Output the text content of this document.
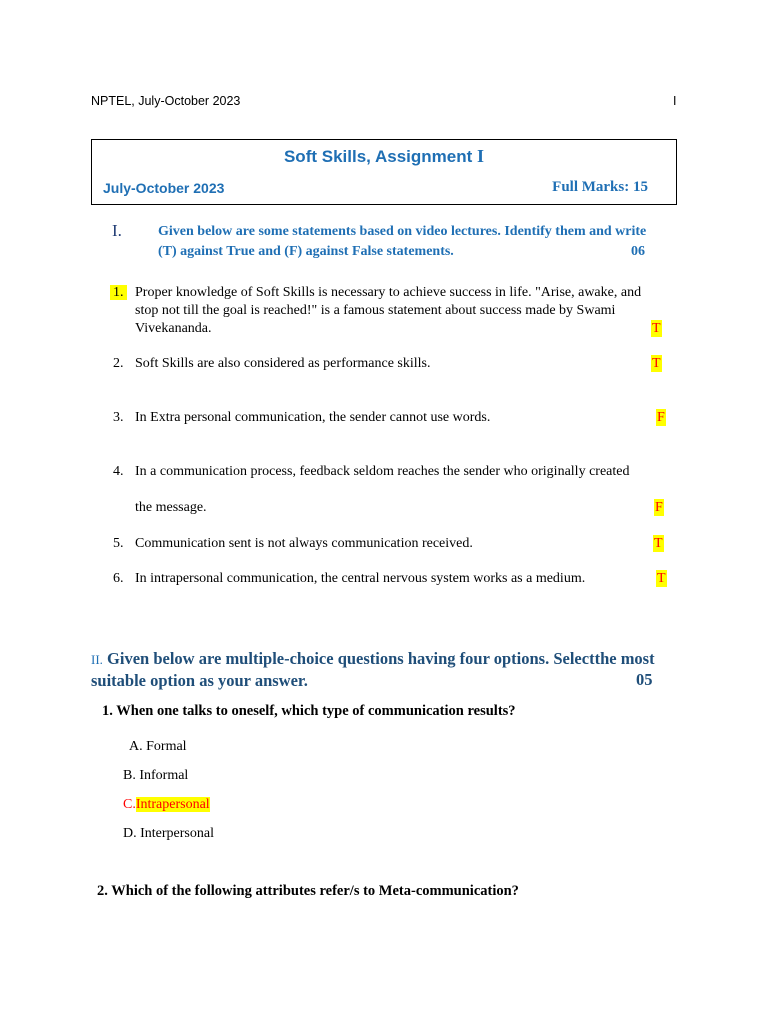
NPTEL, July-October 2023	I
Soft Skills, Assignment I
July-October 2023	Full Marks: 15
I.	Given below are some statements based on video lectures. Identify them and write (T) against True and (F) against False statements.	06
1. Proper knowledge of Soft Skills is necessary to achieve success in life. "Arise, awake, and stop not till the goal is reached!" is a famous statement about success made by Swami Vivekananda.	T
2. Soft Skills are also considered as performance skills.	T
3. In Extra personal communication, the sender cannot use words.	F
4. In a communication process, feedback seldom reaches the sender who originally created
the message.	F
5. Communication sent is not always communication received.	T
6. In intrapersonal communication, the central nervous system works as a medium.	T
II. Given below are multiple-choice questions having four options. Selectthe most suitable option as your answer.	05
1. When one talks to oneself, which type of communication results?
A. Formal
B. Informal
C.Intrapersonal
D. Interpersonal
2. Which of the following attributes refer/s to Meta-communication?
